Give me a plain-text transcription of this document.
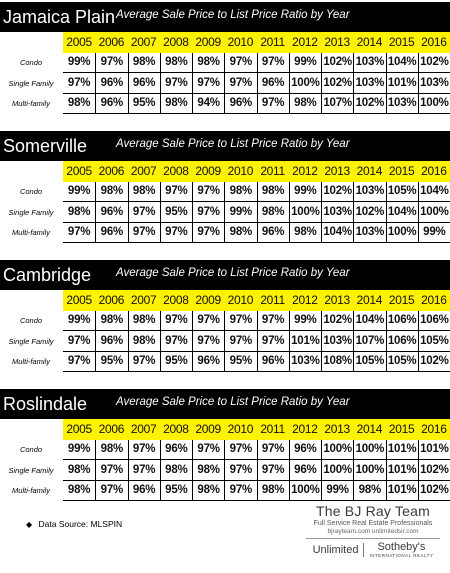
Jamaica Plain Average Sale Price to List Price Ratio by Year
2005 2006 2007 2008 2009 2010 2011 2012 2013 2014 2015 2016
Condo	99% 97% 98% 98% 98% 97% 97% 99% 102% 103% 104% 102%
Single Family	97% 96% 96% 97% 97% 97% 96% 100% 102% 103% 101% 103%
Multi-family	98% 96% 95% 98% 94% 96% 97% 98% 107% 102% 103% 100%
Somerville	Average Sale Price to List Price Ratio by Year
2005 2006 2007 2008 2009 2010 2011 2012 2013 2014 2015 2016
Condo	99% 98% 98% 97% 97% 98% 98% 99% 102% 103% 105% 104%
Single Family	98% 96% 97% 95% 97% 99% 98% 100% 103% 102% 104% 100%
Multi-family	97% 96% 97% 97% 97% 98% 96% 98% 104% 103% 100% 99%
Cambridge Average Sale Price to List Price Ratio by Year
2005 2006 2007 2008 2009 2010 2011 2012 2013 2014 2015 2016
Condo	99% 98% 98% 97% 97% 97% 97% 99% 102% 104% 106% 106%
Single Family	97% 96% 98% 97% 97% 97% 97% 101% 103% 107% 106% 105%
Multi-family	97% 95% 97% 95% 96% 95% 96% 103% 108% 105% 105% 102%
Roslindale	Average Sale Price to List Price Ratio by Year
2005 2006 2007 2008 2009 2010 2011 2012 2013 2014 2015 2016
Condo	99% 98% 97% 96% 97% 97% 97% 96% 100% 100% 101% 101%
Single Family	98% 97% 97% 98% 98% 97% 97% 96% 100% 100% 101% 102%
Multi-family	98% 97% 96% 95% 98% 97% 98% 100% 99% 98% 101% 102%
◆ Data Source: MLSPIN
The BJ Ray Team
Full Service Real Estate Professionals
bjrayteam.com unlimitedsir.com
Unlimited Sotheby's
INTERNATIONAL REALTY
